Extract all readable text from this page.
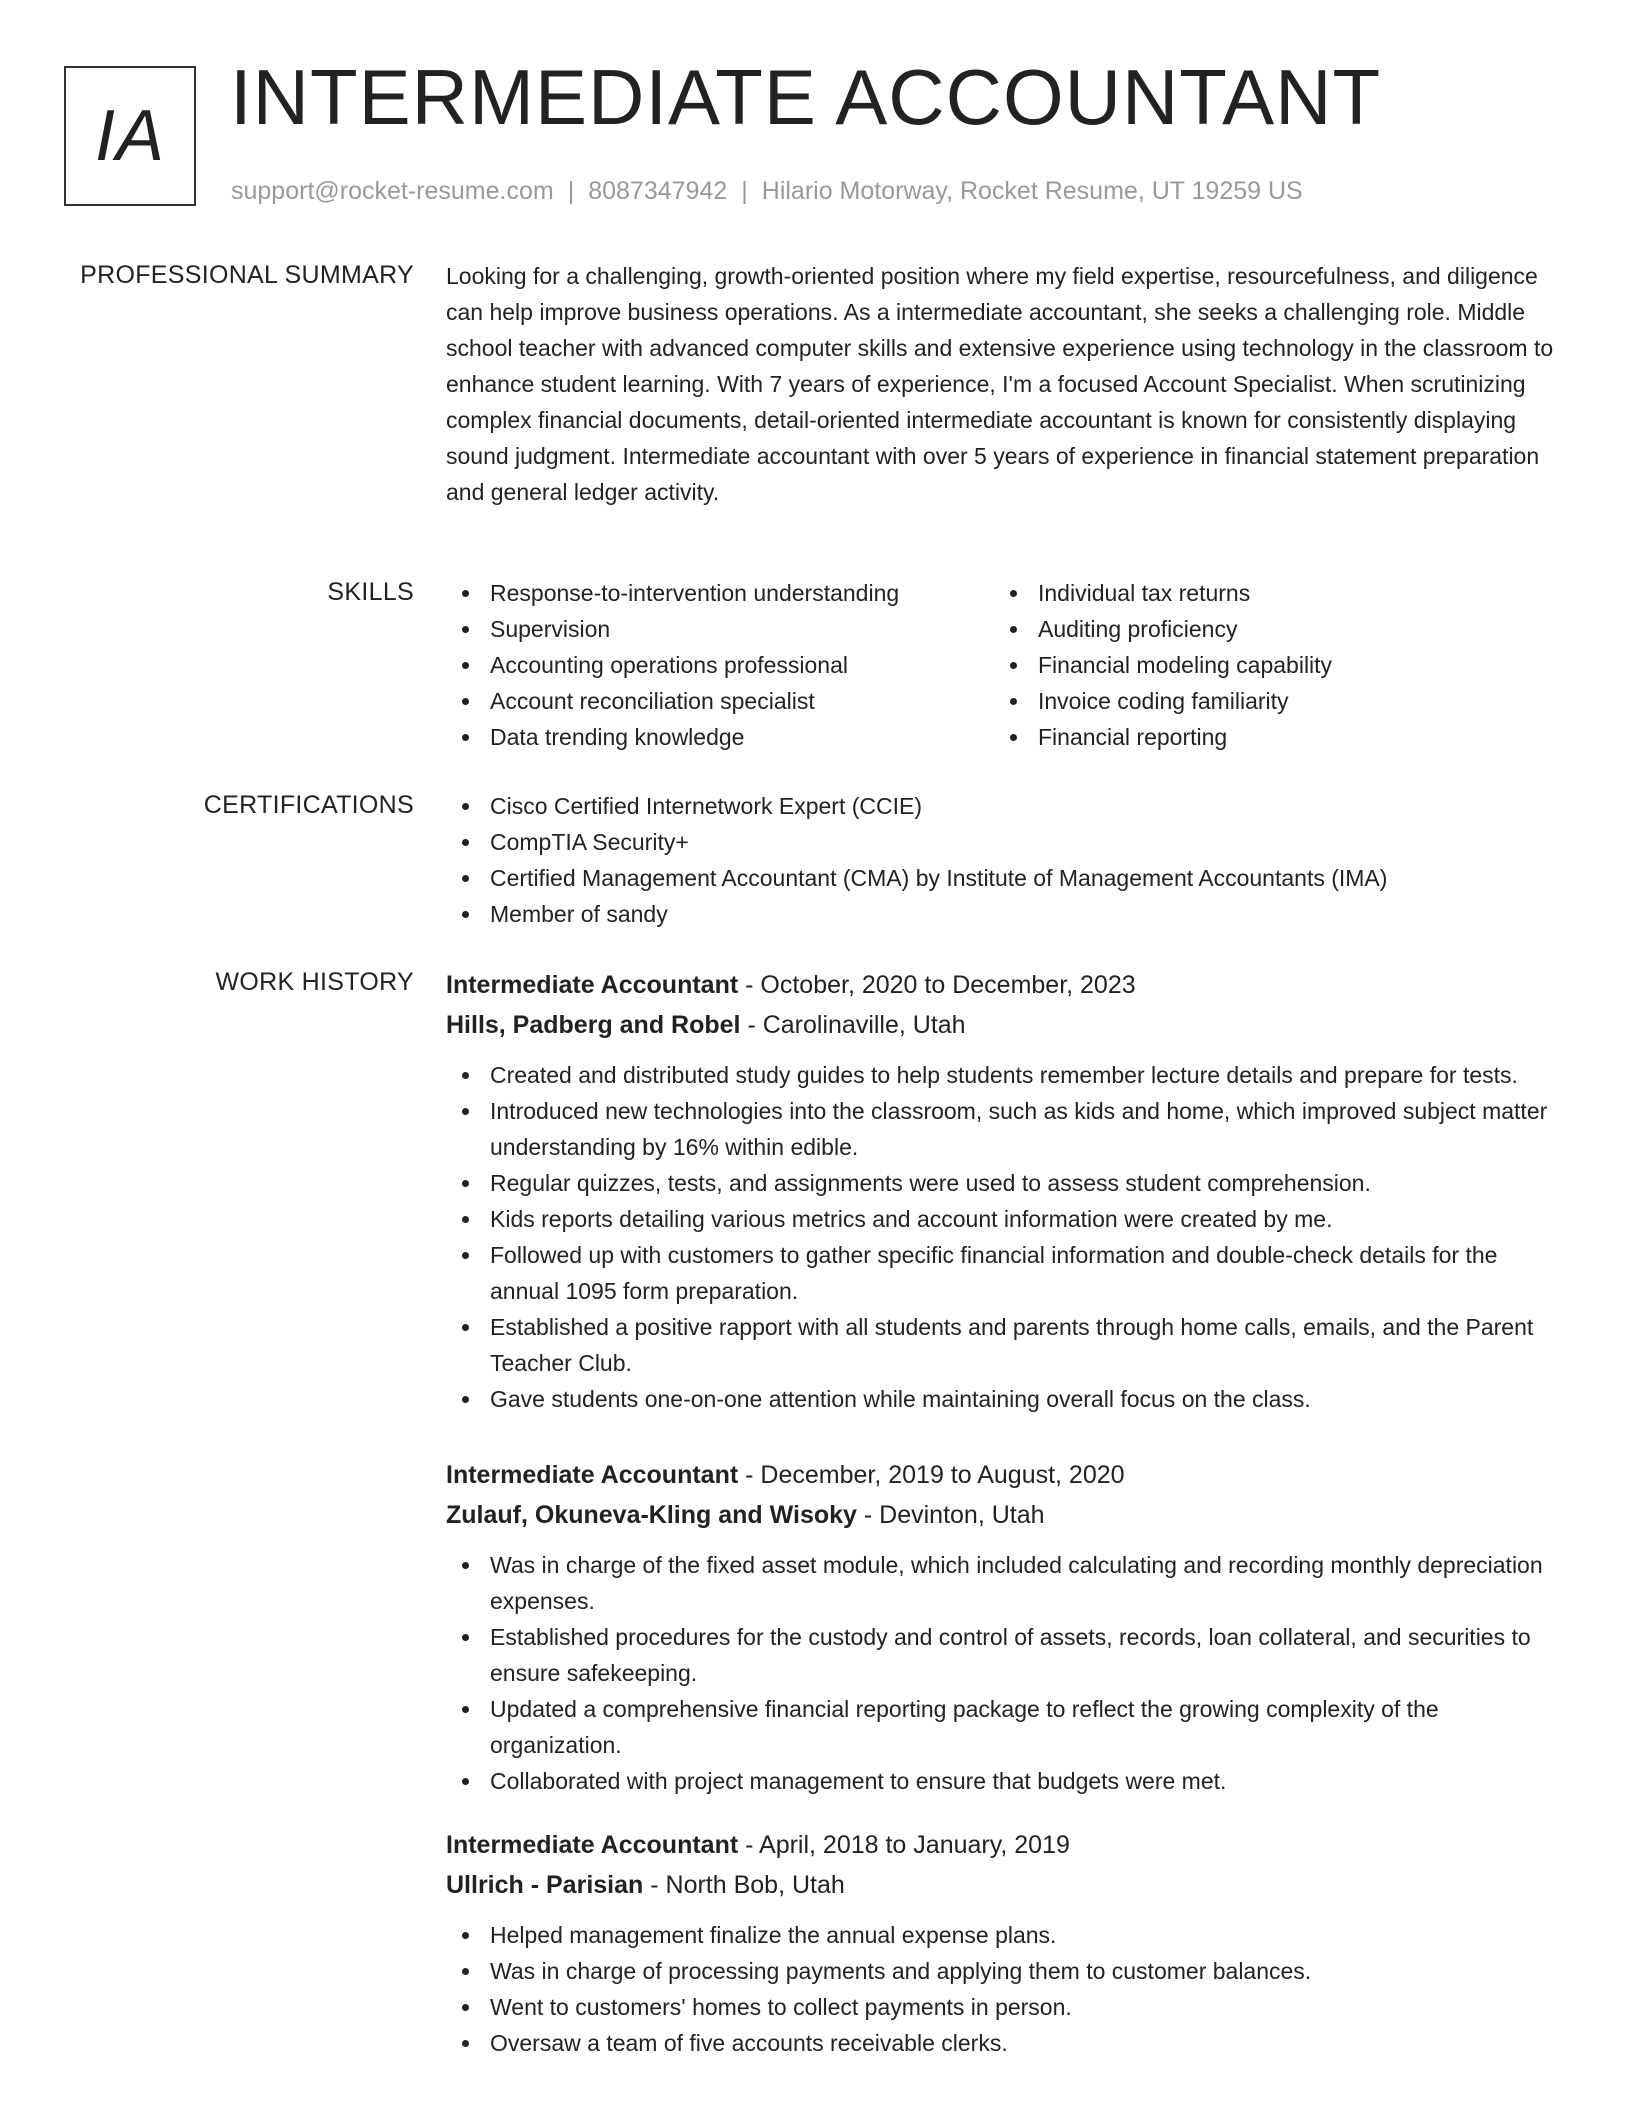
IA INTERMEDIATE ACCOUNTANT
support@rocket-resume.com | 8087347942 | Hilario Motorway, Rocket Resume, UT 19259 US
PROFESSIONAL SUMMARY Looking for a challenging, growth-oriented position where my field expertise, resourcefulness, and diligence can help improve business operations. As a intermediate accountant, she seeks a challenging role. Middle school teacher with advanced computer skills and extensive experience using technology in the classroom to enhance student learning. With 7 years of experience, I'm a focused Account Specialist. When scrutinizing complex financial documents, detail-oriented intermediate accountant is known for consistently displaying sound judgment. Intermediate accountant with over 5 years of experience in financial statement preparation and general ledger activity.
SKILLS	Response-to-intervention understanding
Supervision
Accounting operations professional
Account reconciliation specialist
Data trending knowledge
Individual tax returns
Auditing proficiency
Financial modeling capability
Invoice coding familiarity
Financial reporting
CERTIFICATIONS	Cisco Certified Internetwork Expert (CCIE)
CompTIA Security+
Certified Management Accountant (CMA) by Institute of Management Accountants (IMA)
Member of sandy
WORK HISTORY Intermediate Accountant - October, 2020 to December, 2023
Hills, Padberg and Robel - Carolinaville, Utah
Created and distributed study guides to help students remember lecture details and prepare for tests.
Introduced new technologies into the classroom, such as kids and home, which improved subject matter understanding by 16% within edible.
Regular quizzes, tests, and assignments were used to assess student comprehension.
Kids reports detailing various metrics and account information were created by me.
Followed up with customers to gather specific financial information and double-check details for the annual 1095 form preparation.
Established a positive rapport with all students and parents through home calls, emails, and the Parent Teacher Club.
Gave students one-on-one attention while maintaining overall focus on the class.
Intermediate Accountant - December, 2019 to August, 2020
Zulauf, Okuneva-Kling and Wisoky - Devinton, Utah
Was in charge of the fixed asset module, which included calculating and recording monthly depreciation expenses.
Established procedures for the custody and control of assets, records, loan collateral, and securities to ensure safekeeping.
Updated a comprehensive financial reporting package to reflect the growing complexity of the organization.
Collaborated with project management to ensure that budgets were met.
Intermediate Accountant - April, 2018 to January, 2019
Ullrich - Parisian - North Bob, Utah
Helped management finalize the annual expense plans.
Was in charge of processing payments and applying them to customer balances.
Went to customers' homes to collect payments in person.
Oversaw a team of five accounts receivable clerks.
